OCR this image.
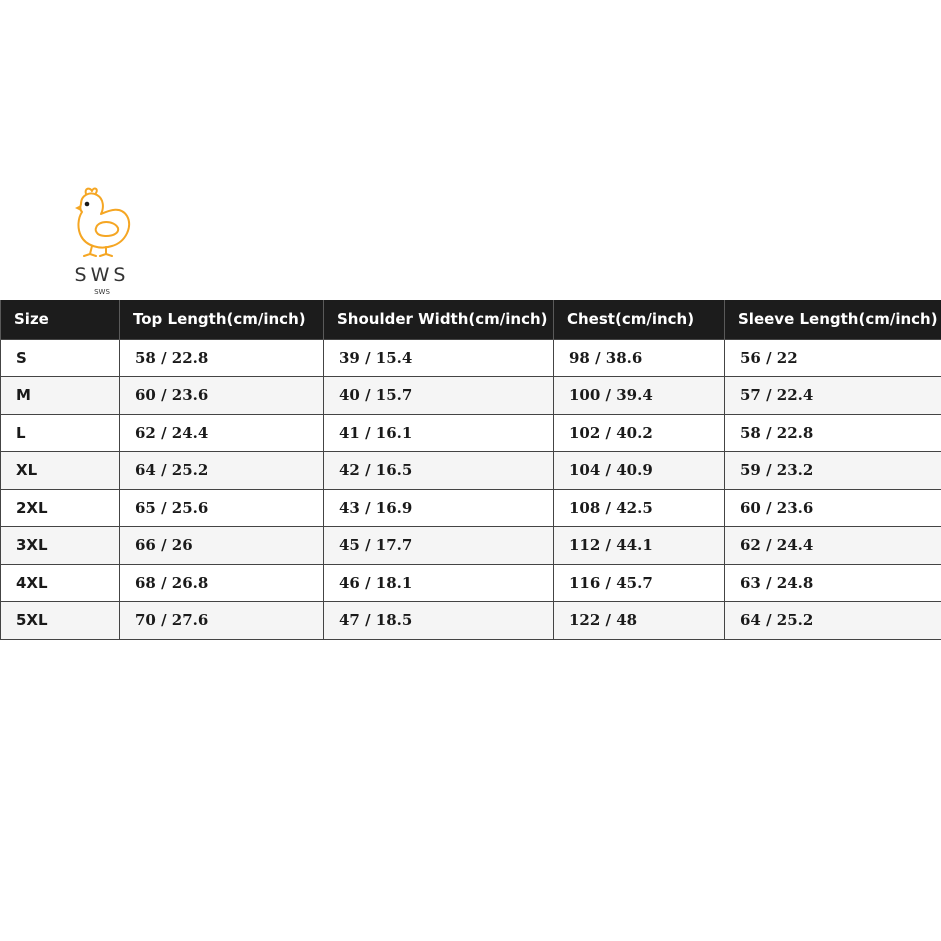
SWS
SWS
Size	Top Length(cm/inch)	Shoulder Width(cm/inch)	Chest(cm/inch)	Sleeve Length(cm/inch)
S	58 / 22.8	39 / 15.4	98 / 38.6	56 / 22
M	60 / 23.6	40 / 15.7	100 / 39.4	57 / 22.4
L	62 / 24.4	41 / 16.1	102 / 40.2	58 / 22.8
XL	64 / 25.2	42 / 16.5	104 / 40.9	59 / 23.2
2XL	65 / 25.6	43 / 16.9	108 / 42.5	60 / 23.6
3XL	66 / 26	45 / 17.7	112 / 44.1	62 / 24.4
4XL	68 / 26.8	46 / 18.1	116 / 45.7	63 / 24.8
5XL	70 / 27.6	47 / 18.5	122 / 48	64 / 25.2
